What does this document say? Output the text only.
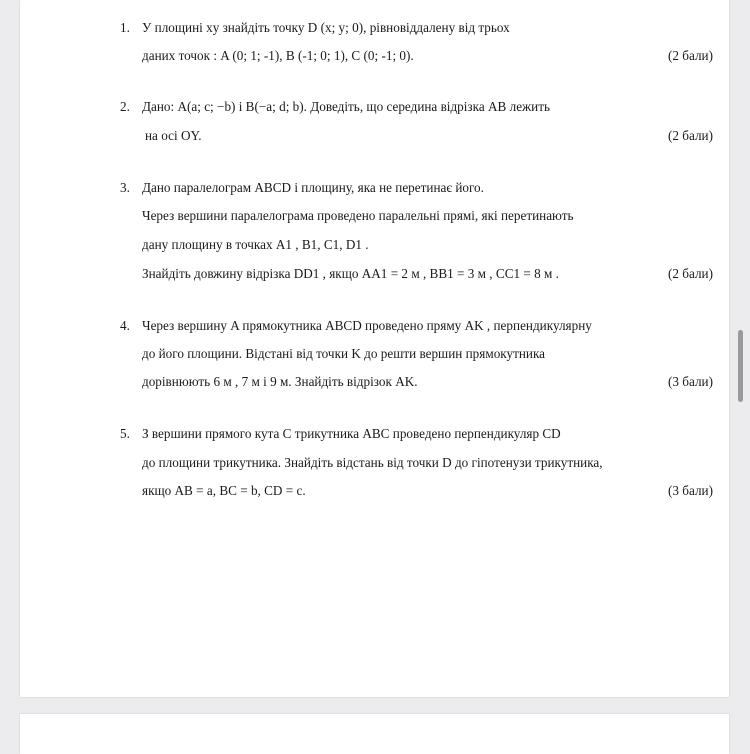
1. У площині xy знайдіть точку D (x; y; 0), рівновіддалену від трьох
даних точок : A (0; 1; -1), B (-1; 0; 1), C (0; -1; 0).	(2 бали)
2. Дано: A(a; c; −b) і B(−a; d; b). Доведіть, що середина відрізка AB лежить
на осі OY.	(2 бали)
3. Дано паралелограм ABCD і площину, яка не перетинає його.
Через вершини паралелограма проведено паралельні прямі, які перетинають
дану площину в точках A1 , B1, C1, D1 .
Знайдіть довжину відрізка DD1 , якщо AA1 = 2 м , BB1 = 3 м , CC1 = 8 м .	(2 бали)
4. Через вершину A прямокутника ABCD проведено пряму AK , перпендикулярну
до його площини. Відстані від точки K до решти вершин прямокутника
дорівнюють 6 м , 7 м і 9 м. Знайдіть відрізок AK.	(3 бали)
5. З вершини прямого кута C трикутника ABC проведено перпендикуляр CD
до площини трикутника. Знайдіть відстань від точки D до гіпотенузи трикутника,
якщо AB = a, BC = b, CD = c.	(3 бали)
